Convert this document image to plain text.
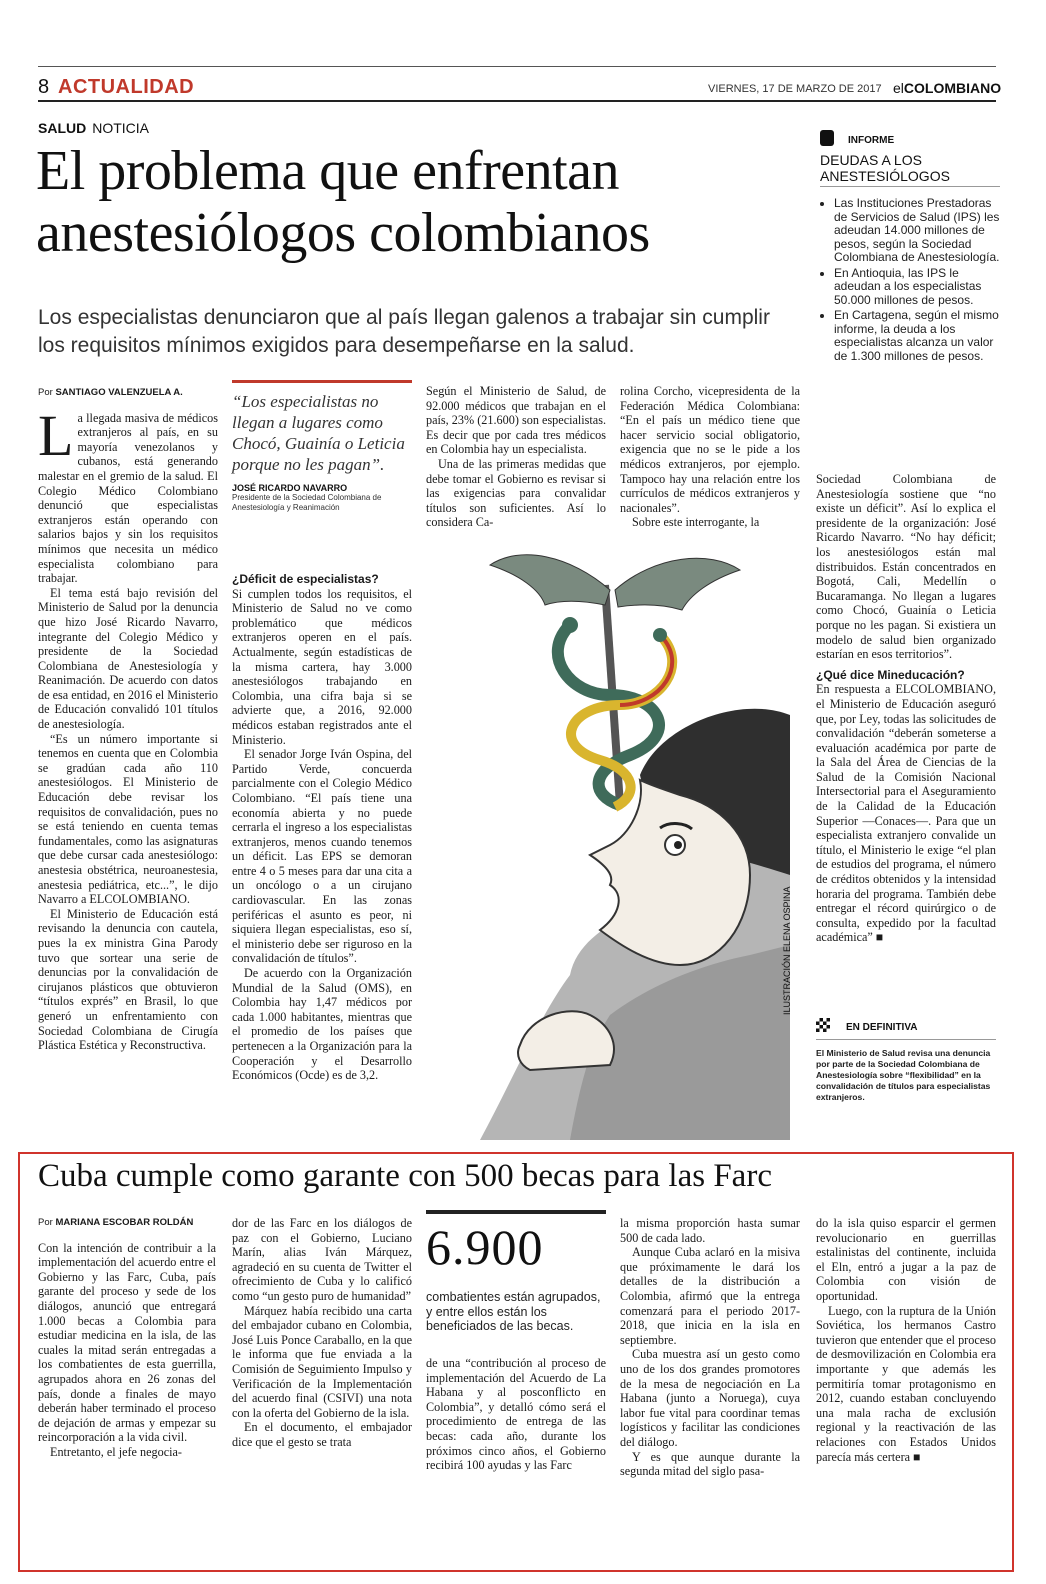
8 ACTUALIDAD	VIERNES, 17 DE MARZO DE 2017 elCOLOMBIANO
SALUD NOTICIA
El problema que enfrentan anestesiólogos colombianos
Los especialistas denunciaron que al país llegan galenos a trabajar sin cumplir los requisitos mínimos exigidos para desempeñarse en la salud.
Por SANTIAGO VALENZUELA A.

La llegada masiva de médicos extranjeros al país, en su mayoría venezolanos y cubanos, está generando malestar en el gremio de la salud. El Colegio Médico Colombiano denunció que especialistas extranjeros están operando con salarios bajos y sin los requisitos mínimos que necesita un médico especialista colombiano para trabajar.

El tema está bajo revisión del Ministerio de Salud por la denuncia que hizo José Ricardo Navarro, integrante del Colegio Médico y presidente de la Sociedad Colombiana de Anestesiología y Reanimación. De acuerdo con datos de esa entidad, en 2016 el Ministerio de Educación convalidó 101 títulos de anestesiología.

“Es un número importante si tenemos en cuenta que en Colombia se gradúan cada año 110 anestesiólogos. El Ministerio de Educación debe revisar los requisitos de convalidación, pues no se está teniendo en cuenta temas fundamentales, como las asignaturas que debe cursar cada anestesiólogo: anestesia obstétrica, neuroanestesia, anestesia pediátrica, etc...”, le dijo Navarro a ELCOLOMBIANO.

El Ministerio de Educación está revisando la denuncia con cautela, pues la ex ministra Gina Parody tuvo que sortear una serie de denuncias por la convalidación de cirujanos plásticos que obtuvieron “títulos exprés” en Brasil, lo que generó un enfrentamiento con Sociedad Colombiana de Cirugía Plástica Estética y Reconstructiva.

“Los especialistas no llegan a lugares como Chocó, Guainía o Leticia porque no les pagan”.
JOSÉ RICARDO NAVARRO
Presidente de la Sociedad Colombiana de Anestesiología y Reanimación
¿Déficit de especialistas?

Si cumplen todos los requisitos, el Ministerio de Salud no ve como problemático que médicos extranjeros operen en el país. Actualmente, según estadísticas de la misma cartera, hay 3.000 anestesiólogos trabajando en Colombia, una cifra baja si se advierte que, a 2016, 92.000 médicos estaban registrados ante el Ministerio.

El senador Jorge Iván Ospina, del Partido Verde, concuerda parcialmente con el Colegio Médico Colombiano. “El país tiene una economía abierta y no puede cerrarla el ingreso a los especialistas extranjeros, menos cuando tenemos un déficit. Las EPS se demoran entre 4 o 5 meses para dar una cita a un oncólogo o a un cirujano cardiovascular. En las zonas periféricas el asunto es peor, ni siquiera llegan especialistas, eso sí, el ministerio debe ser riguroso en la convalidación de títulos”.

De acuerdo con la Organización Mundial de la Salud (OMS), en Colombia hay 1,47 médicos por cada 1.000 habitantes, mientras que el promedio de los países que pertenecen a la Organización para la Cooperación y el Desarrollo Económicos (Ocde) es de 3,2.

Según el Ministerio de Salud, de 92.000 médicos que trabajan en el país, 23% (21.600) son especialistas. Es decir que por cada tres médicos en Colombia hay un especialista.

Una de las primeras medidas que debe tomar el Gobierno es revisar si las exigencias para convalidar títulos son suficientes. Así lo considera Ca-

rolina Corcho, vicepresidenta de la Federación Médica Colombiana: “En el país un médico tiene que hacer servicio social obligatorio, exigencia que no se le pide a los médicos extranjeros, por ejemplo. Tampoco hay una relación entre los currículos de médicos extranjeros y nacionales”.

Sobre este interrogante, la

INFORME
DEUDAS A LOS ANESTESIÓLOGOS
• Las Instituciones Prestadoras de Servicios de Salud (IPS) les adeudan 14.000 millones de pesos, según la Sociedad Colombiana de Anestesiología.
• En Antioquia, las IPS le adeudan a los especialistas 50.000 millones de pesos.
• En Cartagena, según el mismo informe, la deuda a los especialistas alcanza un valor de 1.300 millones de pesos.

Sociedad Colombiana de Anestesiología sostiene que “no existe un déficit”. Así lo explica el presidente de la organización: José Ricardo Navarro. “No hay déficit; los anestesiólogos están mal distribuidos. Están concentrados en Bogotá, Cali, Medellín o Bucaramanga. No llegan a lugares como Chocó, Guainía o Leticia porque no les pagan. Si existiera un modelo de salud bien organizado estarían en esos territorios”.

¿Qué dice Mineducación?

En respuesta a ELCOLOMBIANO, el Ministerio de Educación aseguró que, por Ley, todas las solicitudes de convalidación “deberán someterse a evaluación académica por parte de la Sala del Área de Ciencias de la Salud de la Comisión Nacional Intersectorial para el Aseguramiento de la Calidad de la Educación Superior —Conaces—. Para que un especialista extranjero convalide un título, el Ministerio le exige “el plan de estudios del programa, el número de créditos obtenidos y la intensidad horaria del programa. También debe entregar el récord quirúrgico o de consulta, expedido por la facultad académica” ■

EN DEFINITIVA
El Ministerio de Salud revisa una denuncia por parte de la Sociedad Colombiana de Anestesiología sobre “flexibilidad” en la convalidación de títulos para especialistas extranjeros.
Cuba cumple como garante con 500 becas para las Farc
Por MARIANA ESCOBAR ROLDÁN

Con la intención de contribuir a la implementación del acuerdo entre el Gobierno y las Farc, Cuba, país garante del proceso y sede de los diálogos, anunció que entregará 1.000 becas a Colombia para estudiar medicina en la isla, de las cuales la mitad serán entregadas a los combatientes de esta guerrilla, agrupados ahora en 26 zonas del país, donde a finales de mayo deberán haber terminado el proceso de dejación de armas y empezar su reincorporación a la vida civil.

Entretanto, el jefe negocia-

dor de las Farc en los diálogos de paz con el Gobierno, Luciano Marín, alias Iván Márquez, agradeció en su cuenta de Twitter el ofrecimiento de Cuba y lo calificó como “un gesto puro de humanidad”

Márquez había recibido una carta del embajador cubano en Colombia, José Luis Ponce Caraballo, en la que le informa que fue enviada a la Comisión de Seguimiento Impulso y Verificación de la Implementación del acuerdo final (CSIVI) una nota con la oferta del Gobierno de la isla.

En el documento, el embajador dice que el gesto se trata

6.900
combatientes están agrupados, y entre ellos están los beneficiados de las becas.

de una “contribución al proceso de implementación del Acuerdo de La Habana y al posconflicto en Colombia”, y detalló cómo será el procedimiento de entrega de las becas: cada año, durante los próximos cinco años, el Gobierno recibirá 100 ayudas y las Farc

la misma proporción hasta sumar 500 de cada lado.

Aunque Cuba aclaró en la misiva que próximamente le dará los detalles de la distribución a Colombia, afirmó que la entrega comenzará para el periodo 2017-2018, que inicia en la isla en septiembre.

Cuba muestra así un gesto como uno de los dos grandes promotores de la mesa de negociación en La Habana (junto a Noruega), cuya labor fue vital para coordinar temas logísticos y facilitar las condiciones del diálogo.

Y es que aunque durante la segunda mitad del siglo pasa-

do la isla quiso esparcir el germen revolucionario en guerrillas estalinistas del continente, incluida el Eln, entró a jugar a la paz de Colombia con visión de oportunidad.

Luego, con la ruptura de la Unión Soviética, los hermanos Castro tuvieron que entender que el proceso de desmovilización en Colombia era importante y que además les permitiría tomar protagonismo en 2012, cuando estaban concluyendo una mala racha de exclusión regional y la reactivación de las relaciones con Estados Unidos parecía más certera ■
